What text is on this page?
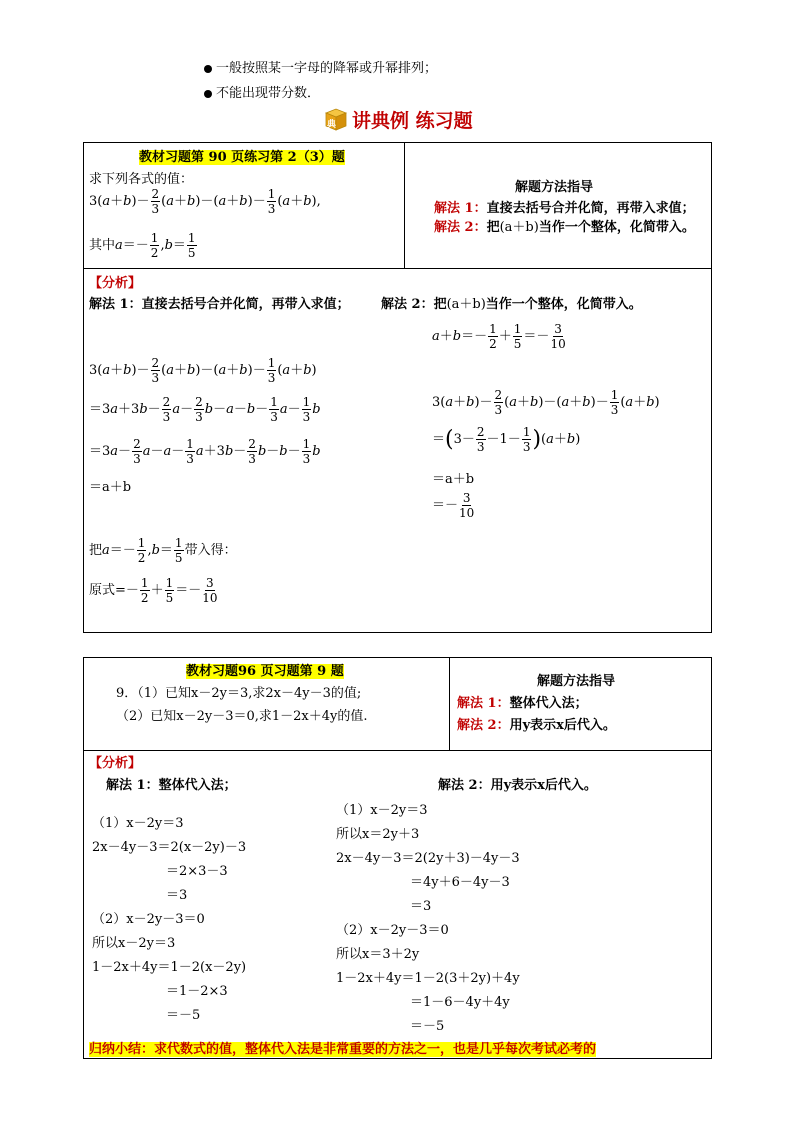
一般按照某一字母的降幂或升幂排列；
不能出现带分数．
典 讲典例 练习题
教材习题第 90 页练习第 2（3）题
求下列各式的值：
$3(a+b)- \frac{2}{3} (a+b)-(a+b)- \frac{1}{3} (a+b)$,
其中$a=- \frac{1}{2} ,b= \frac{1}{5}$
解题方法指导
解法 1：直接去括号合并化简，再带入求值；
解法 2：把(a＋b)当作一个整体，化简带入。
【分析】
解法 1：直接去括号合并化简，再带入求值； 解法 2：把(a＋b)当作一个整体，化简带入。
$3(a+b)- \frac{2}{3} (a+b)-(a+b)- \frac{1}{3} (a+b)$
$=3a+3b- \frac{2}{3} a- \frac{2}{3} b-a-b- \frac{1}{3} a- \frac{1}{3}$ b
$=3a- \frac{2}{3} a-a- \frac{1}{3} a+3b- \frac{2}{3} b-b- \frac{1}{3}$ b
＝a＋b
把$a=- \frac{1}{2} ,b= \frac{1}{5}$ 带入得：
原式=－ $\frac{1}{2} + \frac{1}{5} =- \frac{3}{10}$
$a+b=- \frac{1}{2} + \frac{1}{5} =- \frac{3}{10}$
$3(a+b)- \frac{2}{3} (a+b)-(a+b)- \frac{1}{3} (a+b)$
$=(3- \frac{2}{3} -1- \frac{1}{3} )(a+b)$
＝a＋b
＝－ $\frac{3}{10}$
教材习题96 页习题第 9 题
9．（1）已知x－2y＝3,求2x－4y－3的值;
（2）已知x－2y－3＝0,求1－2x＋4y的值.
解题方法指导
解法 1：整体代入法；
解法 2：用y表示x后代入。
【分析】
解法 1：整体代入法；	解法 2：用y表示x后代入。
（1）x－2y＝3
2x－4y－3＝2(x－2y)－3
＝2×3－3
＝3
（2）x－2y－3＝0
所以x－2y＝3
1－2x＋4y＝1－2(x－2y)
＝1－2×3
＝－5
（1）x－2y＝3
所以x＝2y＋3
2x－4y－3＝2(2y＋3)－4y－3
＝4y＋6－4y－3
＝3
（2）x－2y－3＝0
所以x＝3＋2y
1－2x＋4y＝1－2(3＋2y)＋4y
＝1－6－4y＋4y
＝－5
归纳小结：求代数式的值，整体代入法是非常重要的方法之一，也是几乎每次考试必考的
